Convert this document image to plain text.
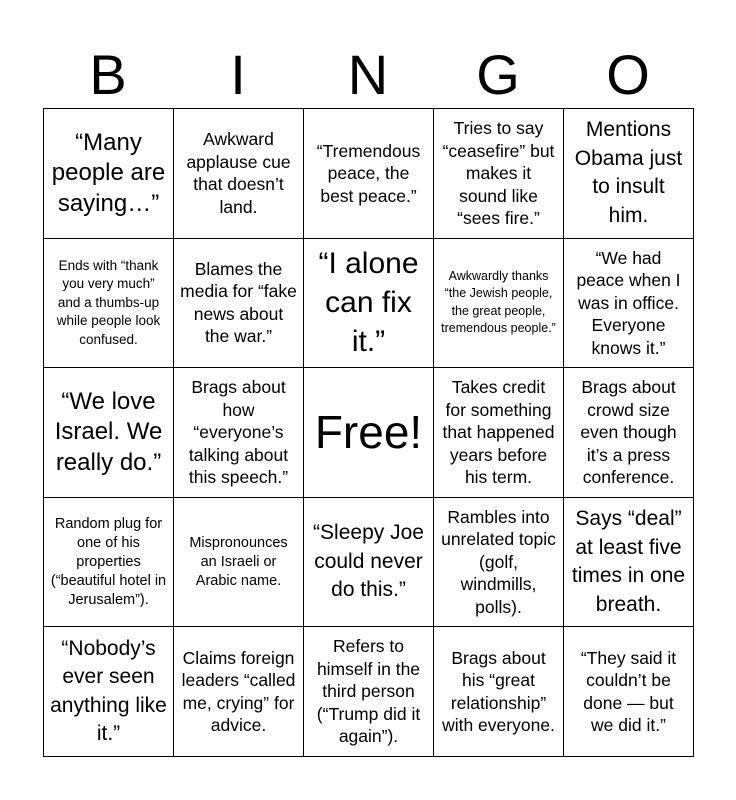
B	I	N	G	O
“Many people are saying…”
Awkward applause cue that doesn’t land.
“Tremendous peace, the best peace.”
Tries to say “ceasefire” but makes it sound like “sees fire.”
Mentions Obama just to insult him.
Ends with “thank you very much” and a thumbs-up while people look confused.
Blames the media for “fake news about the war.”
“I alone can fix it.”
Awkwardly thanks “the Jewish people, the great people, tremendous people.”
“We had peace when I was in office. Everyone knows it.”
“We love Israel. We really do.”
Brags about how “everyone’s talking about this speech.”
Free!
Takes credit for something that happened years before his term.
Brags about crowd size even though it’s a press conference.
Random plug for one of his properties (“beautiful hotel in Jerusalem”).
Mispronounces an Israeli or Arabic name.
“Sleepy Joe could never do this.”
Rambles into unrelated topic (golf, windmills, polls).
Says “deal” at least five times in one breath.
“Nobody’s ever seen anything like it.”
Claims foreign leaders “called me, crying” for advice.
Refers to himself in the third person (“Trump did it again”).
Brags about his “great relationship” with everyone.
“They said it couldn’t be done — but we did it.”
